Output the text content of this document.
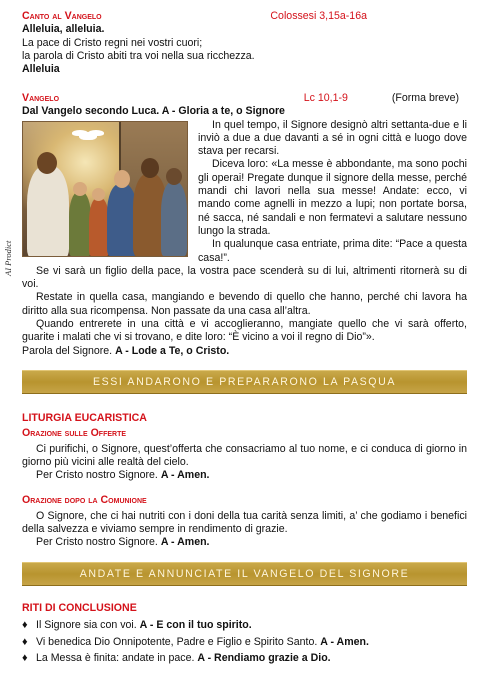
Canto al Vangelo	Colossesi 3,15a-16a

Alleluia, alleluia.

La pace di Cristo regni nei vostri cuori;

la parola di Cristo abiti tra voi nella sua ricchezza.

Alleluia

Vangelo	Lc 10,1-9	(Forma breve)

Dal Vangelo secondo Luca. A - Gloria a te, o Signore

In quel tempo, il Signore designò altri settanta-due e li inviò a due a due davanti a sé in ogni città e luogo dove stava per recarsi.

Diceva loro: «La messe è abbondante, ma sono pochi gli operai! Pregate dunque il signore della messe, perché mandi chi lavori nella sua messe! Andate: ecco, vi mando come agnelli in mezzo a lupi; non portate borsa, né sacca, né sandali e non fermatevi a salutare nessuno lungo la strada.

In qualunque casa entriate, prima dite: “Pace a questa casa!”.

Se vi sarà un figlio della pace, la vostra pace scenderà su di lui, altrimenti ritornerà su di voi.

Restate in quella casa, mangiando e bevendo di quello che hanno, perché chi lavora ha diritto alla sua ricompensa. Non passate da una casa all’altra.

Quando entrerete in una città e vi accoglieranno, mangiate quello che vi sarà offerto, guarite i malati che vi si trovano, e dite loro: “È vicino a voi il regno di Dio”».

Parola del Signore. A - Lode a Te, o Cristo.

AI Prodict
ESSI ANDARONO E PREPARARONO LA PASQUA

LITURGIA EUCARISTICA

Orazione sulle Offerte

Ci purifichi, o Signore, quest’offerta che consacriamo al tuo nome, e ci conduca di giorno in giorno più vicini alle realtà del cielo.

Per Cristo nostro Signore. A - Amen.

Orazione dopo la Comunione

O Signore, che ci hai nutriti con i doni della tua carità senza limiti, a’ che godiamo i benefici della salvezza e viviamo sempre in rendimento di grazie.

Per Cristo nostro Signore. A - Amen.

ANDATE E ANNUNCIATE IL VANGELO DEL SIGNORE

RITI DI CONCLUSIONE

♦ Il Signore sia con voi. A - E con il tuo spirito.
♦ Vi benedica Dio Onnipotente, Padre e Figlio e Spirito Santo. A - Amen.
♦ La Messa è finita: andate in pace. A - Rendiamo grazie a Dio.
